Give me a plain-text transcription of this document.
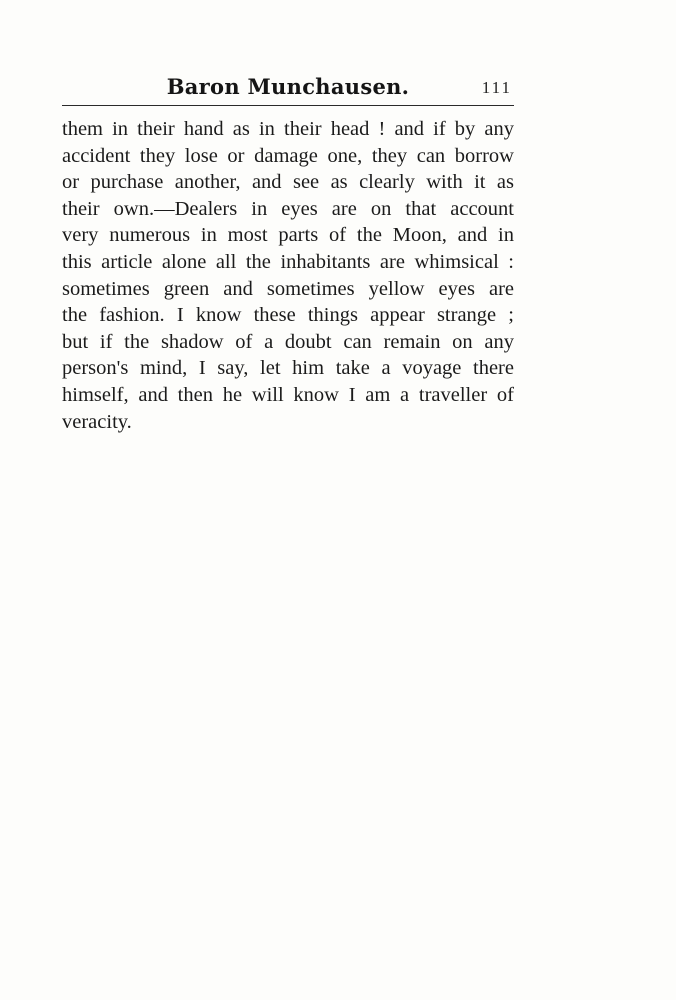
Baron Munchausen.	111
them in their hand as in their head ! and if by any
accident they lose or damage one, they can borrow
or purchase another, and see as clearly with it as
their own.—Dealers in eyes are on that account
very numerous in most parts of the Moon, and in
this article alone all the inhabitants are whimsical :
sometimes green and sometimes yellow eyes are
the fashion. I know these things appear strange ;
but if the shadow of a doubt can remain on any
person's mind, I say, let him take a voyage there
himself, and then he will know I am a traveller of
veracity.
